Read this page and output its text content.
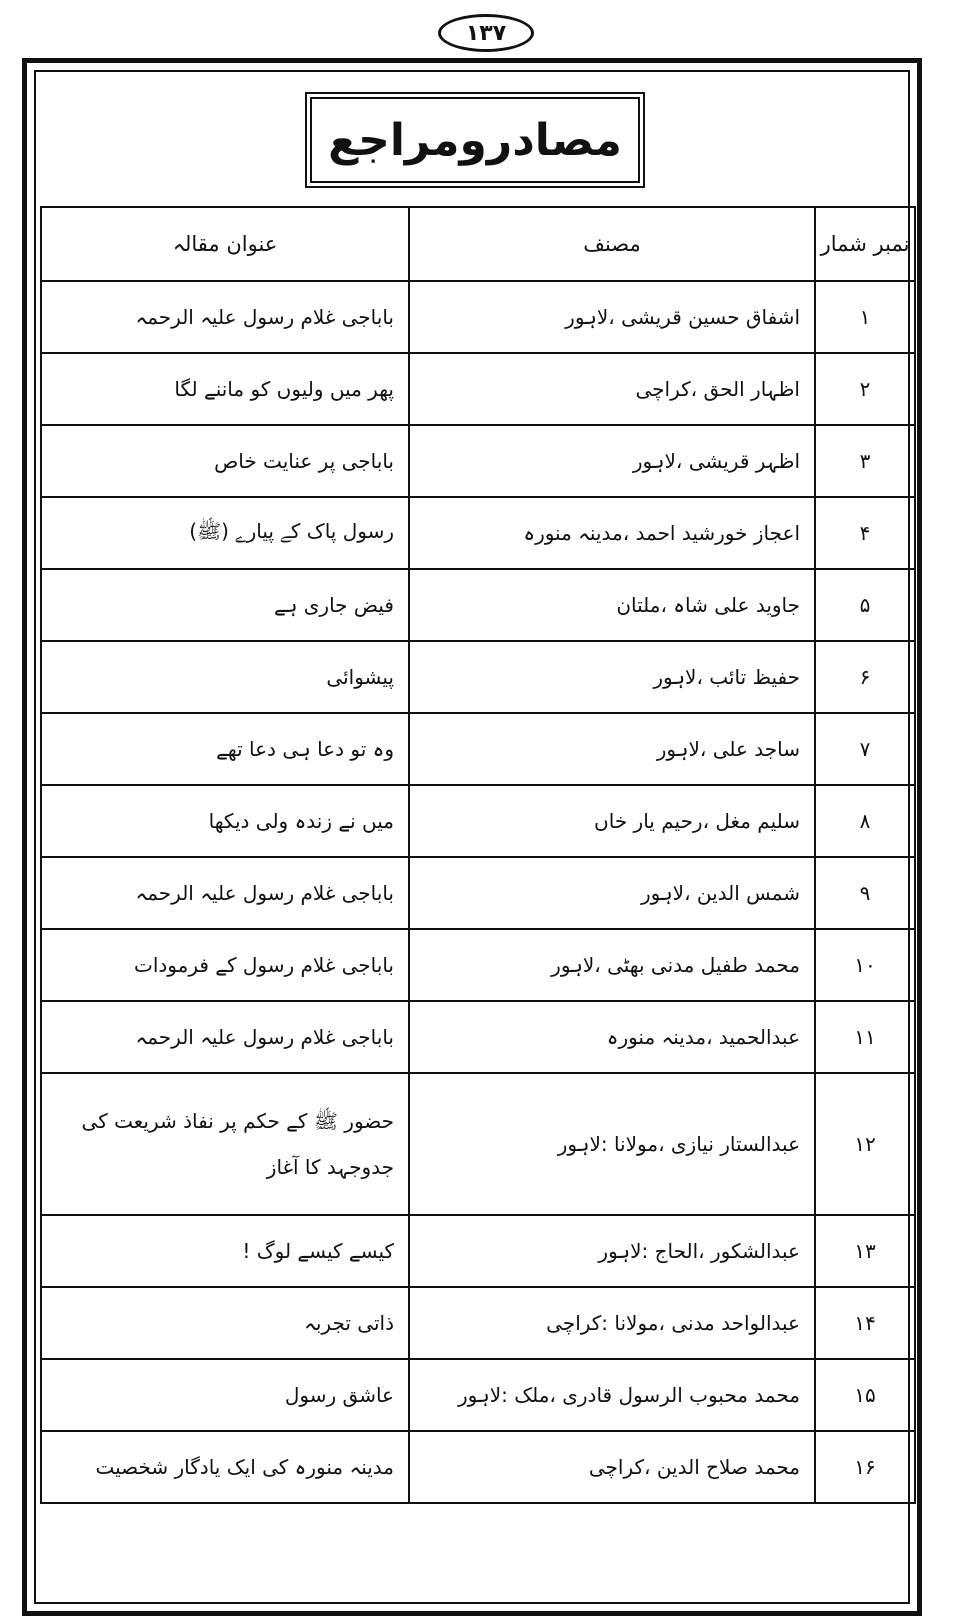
۱۳۷
مصادرومراجع
نمبر شمار	مصنف	عنوان مقالہ
۱	اشفاق حسین قریشی ،لاہور	باباجی غلام رسول علیہ الرحمہ
۲	اظہار الحق ،کراچی	پھر میں ولیوں کو ماننے لگا
۳	اظہر قریشی ،لاہور	باباجی پر عنایت خاص
۴	اعجاز خورشید احمد ،مدینہ منورہ	رسول پاک کے پیارے (ﷺ)
۵	جاوید علی شاہ ،ملتان	فیض جاری ہے
۶	حفیظ تائب ،لاہور	پیشوائی
۷	ساجد علی ،لاہور	وہ تو دعا ہی دعا تھے
۸	سلیم مغل ،رحیم یار خاں	میں نے زندہ ولی دیکھا
۹	شمس الدین ،لاہور	باباجی غلام رسول علیہ الرحمہ
۱۰	محمد طفیل مدنی بھٹی ،لاہور	باباجی غلام رسول کے فرمودات
۱۱	عبدالحمید ،مدینہ منورہ	باباجی غلام رسول علیہ الرحمہ
۱۲	عبدالستار نیازی ،مولانا :لاہور	حضور ﷺ کے حکم پر نفاذ شریعت کی
جدوجہد کا آغاز

۱۳	عبدالشکور ،الحاج :لاہور	کیسے کیسے لوگ !
۱۴	عبدالواحد مدنی ،مولانا :کراچی	ذاتی تجربہ
۱۵	محمد محبوب الرسول قادری ،ملک :لاہور	عاشق رسول
۱۶	محمد صلاح الدین ،کراچی	مدینہ منورہ کی ایک یادگار شخصیت
